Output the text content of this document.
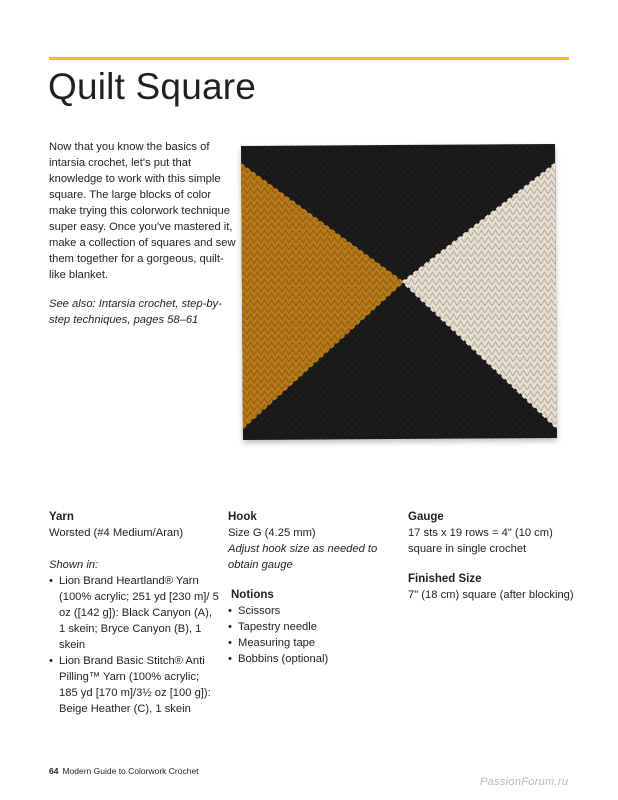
Quilt Square

Now that you know the basics of intarsia crochet, let's put that knowledge to work with this simple square. The large blocks of color make trying this colorwork technique super easy. Once you've mastered it, make a collection of squares and sew them together for a gorgeous, quilt-like blanket.

See also: Intarsia crochet, step-by-step techniques, pages 58–61

Yarn

Worsted (#4 Medium/Aran)

Shown in:

• Lion Brand Heartland® Yarn (100% acrylic; 251 yd [230 m]/ 5 oz ([142 g]): Black Canyon (A), 1 skein; Bryce Canyon (B), 1 skein
• Lion Brand Basic Stitch® Anti Pilling™ Yarn (100% acrylic; 185 yd [170 m]/3½ oz [100 g]): Beige Heather (C), 1 skein
Hook

Size G (4.25 mm)

Adjust hook size as needed to obtain gauge

Notions
• Scissors
• Tapestry needle
• Measuring tape
• Bobbins (optional)
Gauge

17 sts x 19 rows = 4" (10 cm) square in single crochet

Finished Size

7" (18 cm) square (after blocking)

64 Modern Guide to Colorwork Crochet
PassionForum.ru
